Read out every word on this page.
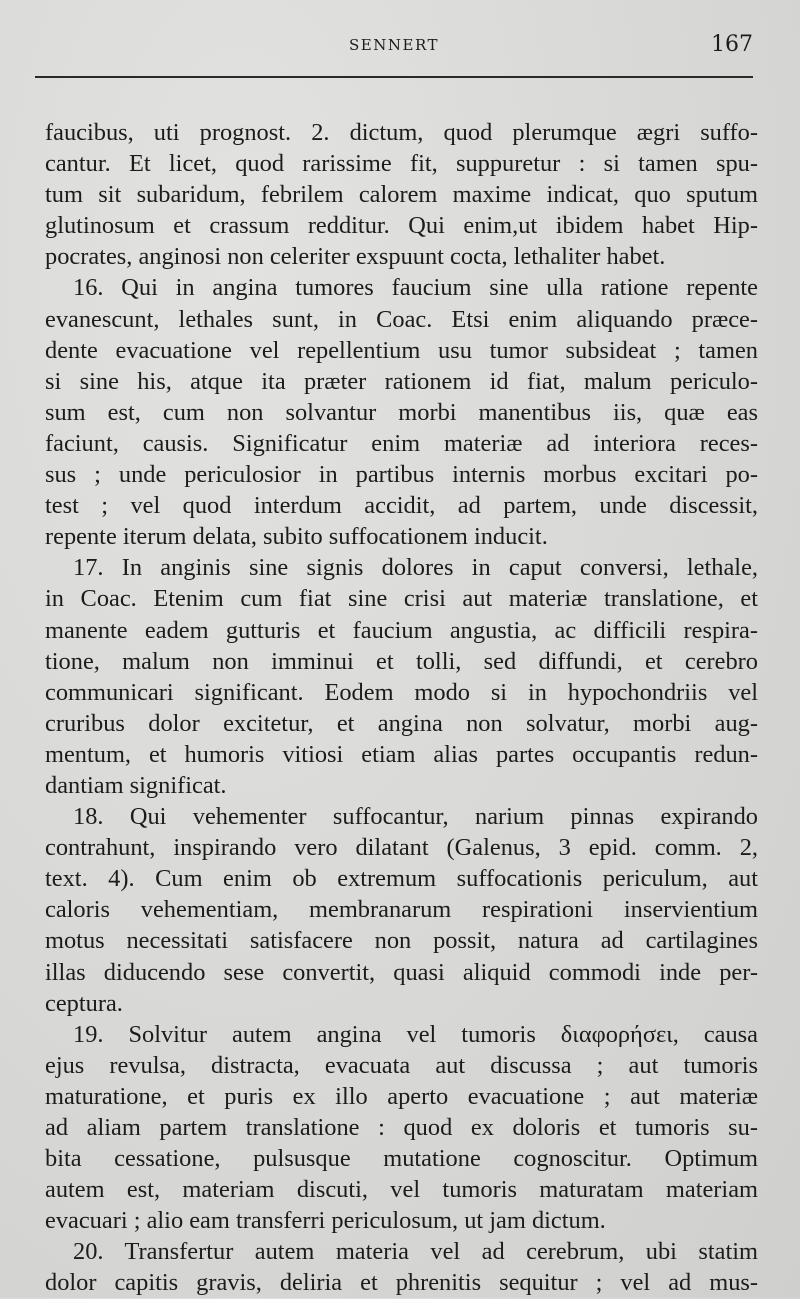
SENNERT	167
faucibus, uti prognost. 2. dictum, quod plerumque ægri suffo-
cantur. Et licet, quod rarissime fit, suppuretur : si tamen spu-
tum sit subaridum, febrilem calorem maxime indicat, quo sputum
glutinosum et crassum redditur. Qui enim,ut ibidem habet Hip-
pocrates, anginosi non celeriter exspuunt cocta, lethaliter habet.
16. Qui in angina tumores faucium sine ulla ratione repente
evanescunt, lethales sunt, in Coac. Etsi enim aliquando præce-
dente evacuatione vel repellentium usu tumor subsideat ; tamen
si sine his, atque ita præter rationem id fiat, malum periculo-
sum est, cum non solvantur morbi manentibus iis, quæ eas
faciunt, causis. Significatur enim materiæ ad interiora reces-
sus ; unde periculosior in partibus internis morbus excitari po-
test ; vel quod interdum accidit, ad partem, unde discessit,
repente iterum delata, subito suffocationem inducit.
17. In anginis sine signis dolores in caput conversi, lethale,
in Coac. Etenim cum fiat sine crisi aut materiæ translatione, et
manente eadem gutturis et faucium angustia, ac difficili respira-
tione, malum non imminui et tolli, sed diffundi, et cerebro
communicari significant. Eodem modo si in hypochondriis vel
cruribus dolor excitetur, et angina non solvatur, morbi aug-
mentum, et humoris vitiosi etiam alias partes occupantis redun-
dantiam significat.
18. Qui vehementer suffocantur, narium pinnas expirando
contrahunt, inspirando vero dilatant (Galenus, 3 epid. comm. 2,
text. 4). Cum enim ob extremum suffocationis periculum, aut
caloris vehementiam, membranarum respirationi inservientium
motus necessitati satisfacere non possit, natura ad cartilagines
illas diducendo sese convertit, quasi aliquid commodi inde per-
ceptura.
19. Solvitur autem angina vel tumoris διαφορήσει, causa
ejus revulsa, distracta, evacuata aut discussa ; aut tumoris
maturatione, et puris ex illo aperto evacuatione ; aut materiæ
ad aliam partem translatione : quod ex doloris et tumoris su-
bita cessatione, pulsusque mutatione cognoscitur. Optimum
autem est, materiam discuti, vel tumoris maturatam materiam
evacuari ; alio eam transferri periculosum, ut jam dictum.
20. Transfertur autem materia vel ad cerebrum, ubi statim
dolor capitis gravis, deliria et phrenitis sequitur ; vel ad mus-
